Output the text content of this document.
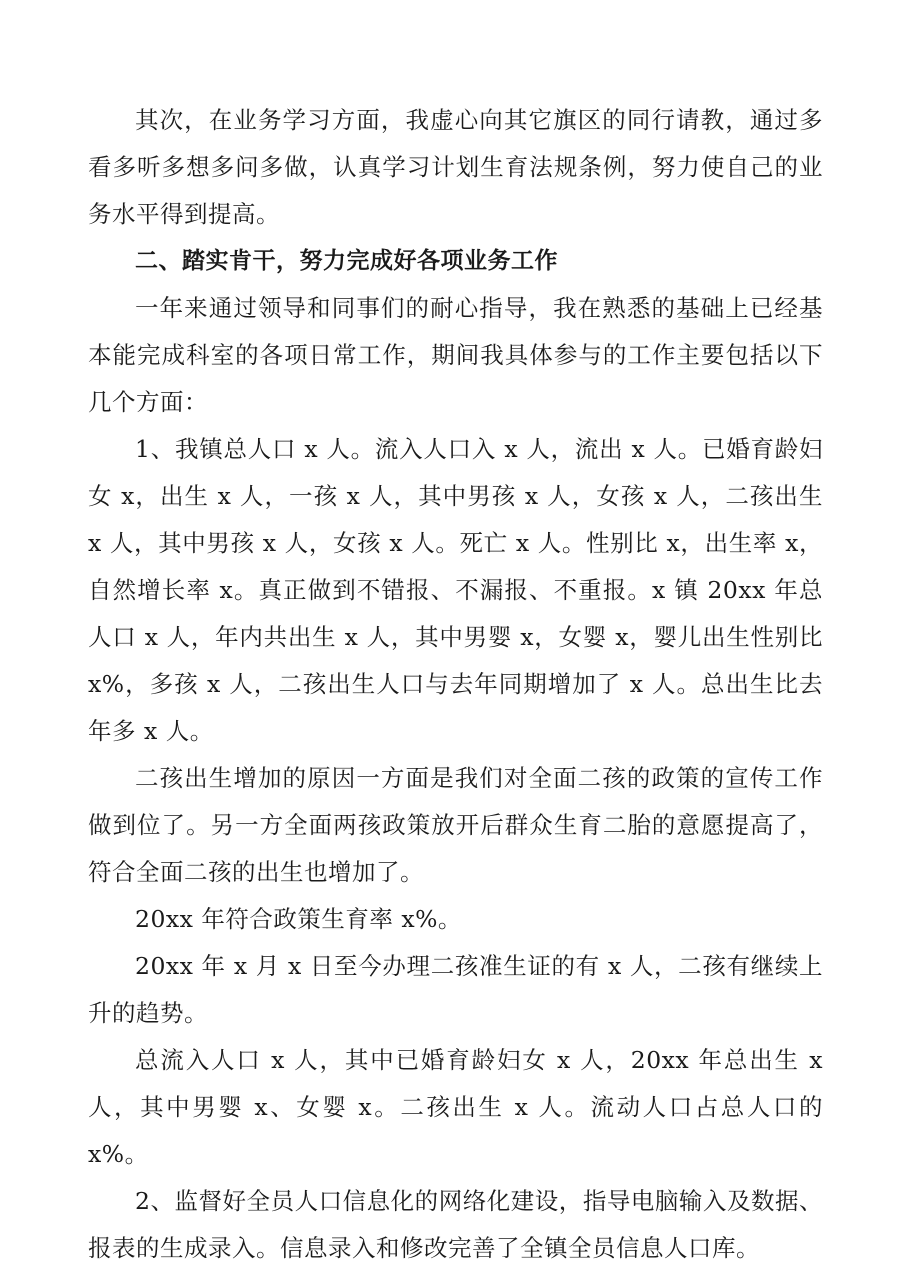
其次，在业务学习方面，我虚心向其它旗区的同行请教，通过多看多听多想多问多做，认真学习计划生育法规条例，努力使自己的业务水平得到提高。

二、踏实肯干，努力完成好各项业务工作

一年来通过领导和同事们的耐心指导，我在熟悉的基础上已经基本能完成科室的各项日常工作，期间我具体参与的工作主要包括以下几个方面：

1、我镇总人口 x 人。流入人口入 x 人，流出 x 人。已婚育龄妇女 x，出生 x 人，一孩 x 人，其中男孩 x 人，女孩 x 人，二孩出生 x 人，其中男孩 x 人，女孩 x 人。死亡 x 人。性别比 x，出生率 x，自然增长率 x。真正做到不错报、不漏报、不重报。x 镇 20xx 年总人口 x 人，年内共出生 x 人，其中男婴 x，女婴 x，婴儿出生性别比 x%，多孩 x 人，二孩出生人口与去年同期增加了 x 人。总出生比去年多 x 人。

二孩出生增加的原因一方面是我们对全面二孩的政策的宣传工作做到位了。另一方全面两孩政策放开后群众生育二胎的意愿提高了，符合全面二孩的出生也增加了。

20xx 年符合政策生育率 x%。

20xx 年 x 月 x 日至今办理二孩准生证的有 x 人，二孩有继续上升的趋势。

总流入人口 x 人，其中已婚育龄妇女 x 人，20xx 年总出生 x 人，其中男婴 x、女婴 x。二孩出生 x 人。流动人口占总人口的 x%。

2、监督好全员人口信息化的网络化建设，指导电脑输入及数据、报表的生成录入。信息录入和修改完善了全镇全员信息人口库。
